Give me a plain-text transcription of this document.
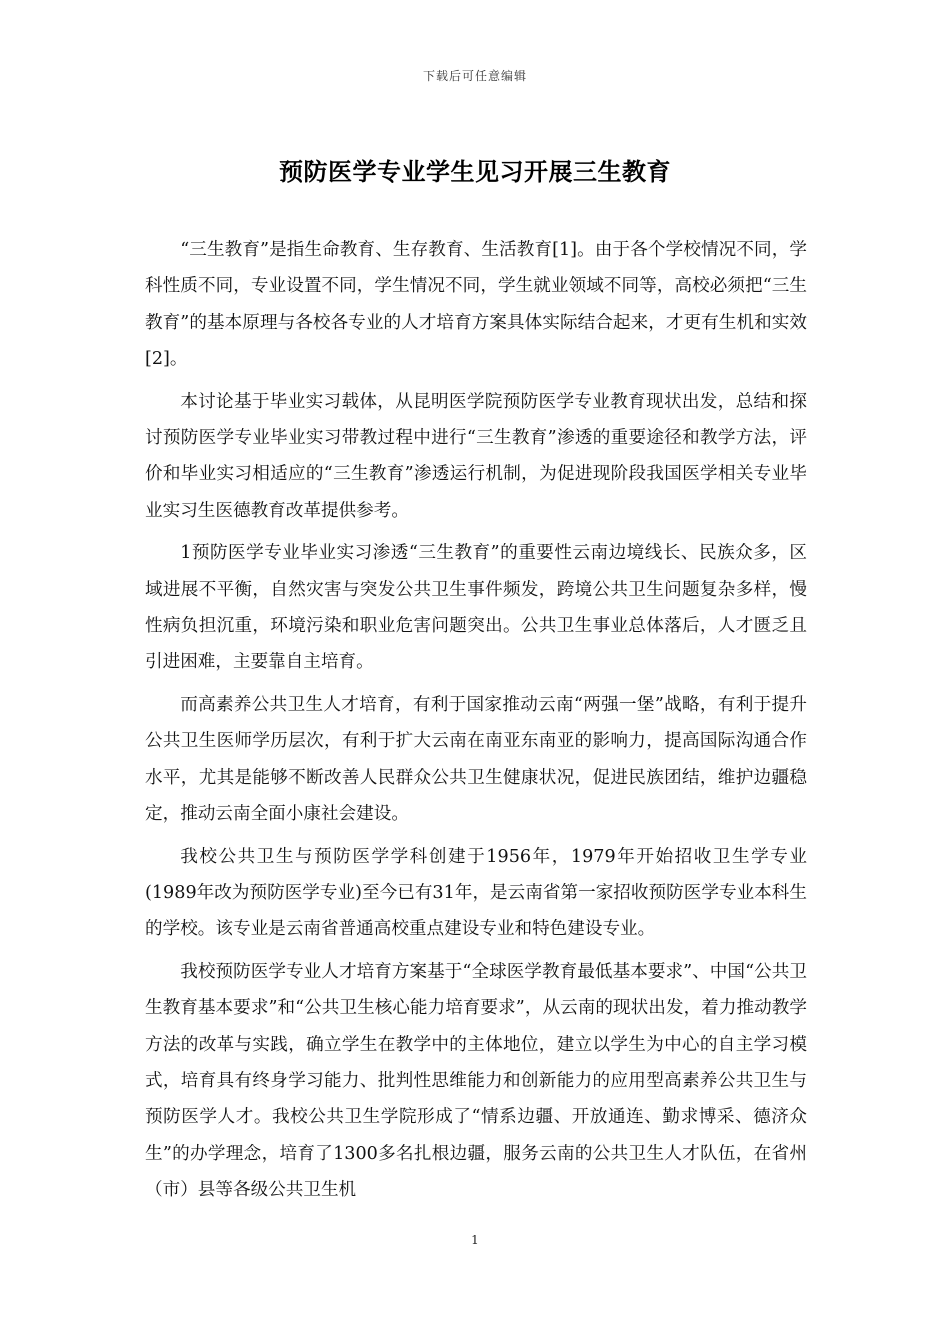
下载后可任意编辑
预防医学专业学生见习开展三生教育

“三生教育”是指生命教育、生存教育、生活教育[1]。由于各个学校情况不同，学科性质不同，专业设置不同，学生情况不同，学生就业领域不同等，高校必须把“三生教育”的基本原理与各校各专业的人才培育方案具体实际结合起来，才更有生机和实效[2]。

本讨论基于毕业实习载体，从昆明医学院预防医学专业教育现状出发，总结和探讨预防医学专业毕业实习带教过程中进行“三生教育”渗透的重要途径和教学方法，评价和毕业实习相适应的“三生教育”渗透运行机制，为促进现阶段我国医学相关专业毕业实习生医德教育改革提供参考。

1预防医学专业毕业实习渗透“三生教育”的重要性云南边境线长、民族众多，区域进展不平衡，自然灾害与突发公共卫生事件频发，跨境公共卫生问题复杂多样，慢性病负担沉重，环境污染和职业危害问题突出。公共卫生事业总体落后，人才匮乏且引进困难，主要靠自主培育。

而高素养公共卫生人才培育，有利于国家推动云南“两强一堡”战略，有利于提升公共卫生医师学历层次，有利于扩大云南在南亚东南亚的影响力，提高国际沟通合作水平，尤其是能够不断改善人民群众公共卫生健康状况，促进民族团结，维护边疆稳定，推动云南全面小康社会建设。

我校公共卫生与预防医学学科创建于1956年，1979年开始招收卫生学专业(1989年改为预防医学专业)至今已有31年，是云南省第一家招收预防医学专业本科生的学校。该专业是云南省普通高校重点建设专业和特色建设专业。

我校预防医学专业人才培育方案基于“全球医学教育最低基本要求”、中国“公共卫生教育基本要求”和“公共卫生核心能力培育要求”，从云南的现状出发，着力推动教学方法的改革与实践，确立学生在教学中的主体地位，建立以学生为中心的自主学习模式，培育具有终身学习能力、批判性思维能力和创新能力的应用型高素养公共卫生与预防医学人才。我校公共卫生学院形成了“情系边疆、开放通连、勤求博采、德济众生”的办学理念，培育了1300多名扎根边疆，服务云南的公共卫生人才队伍，在省州（市）县等各级公共卫生机

1
